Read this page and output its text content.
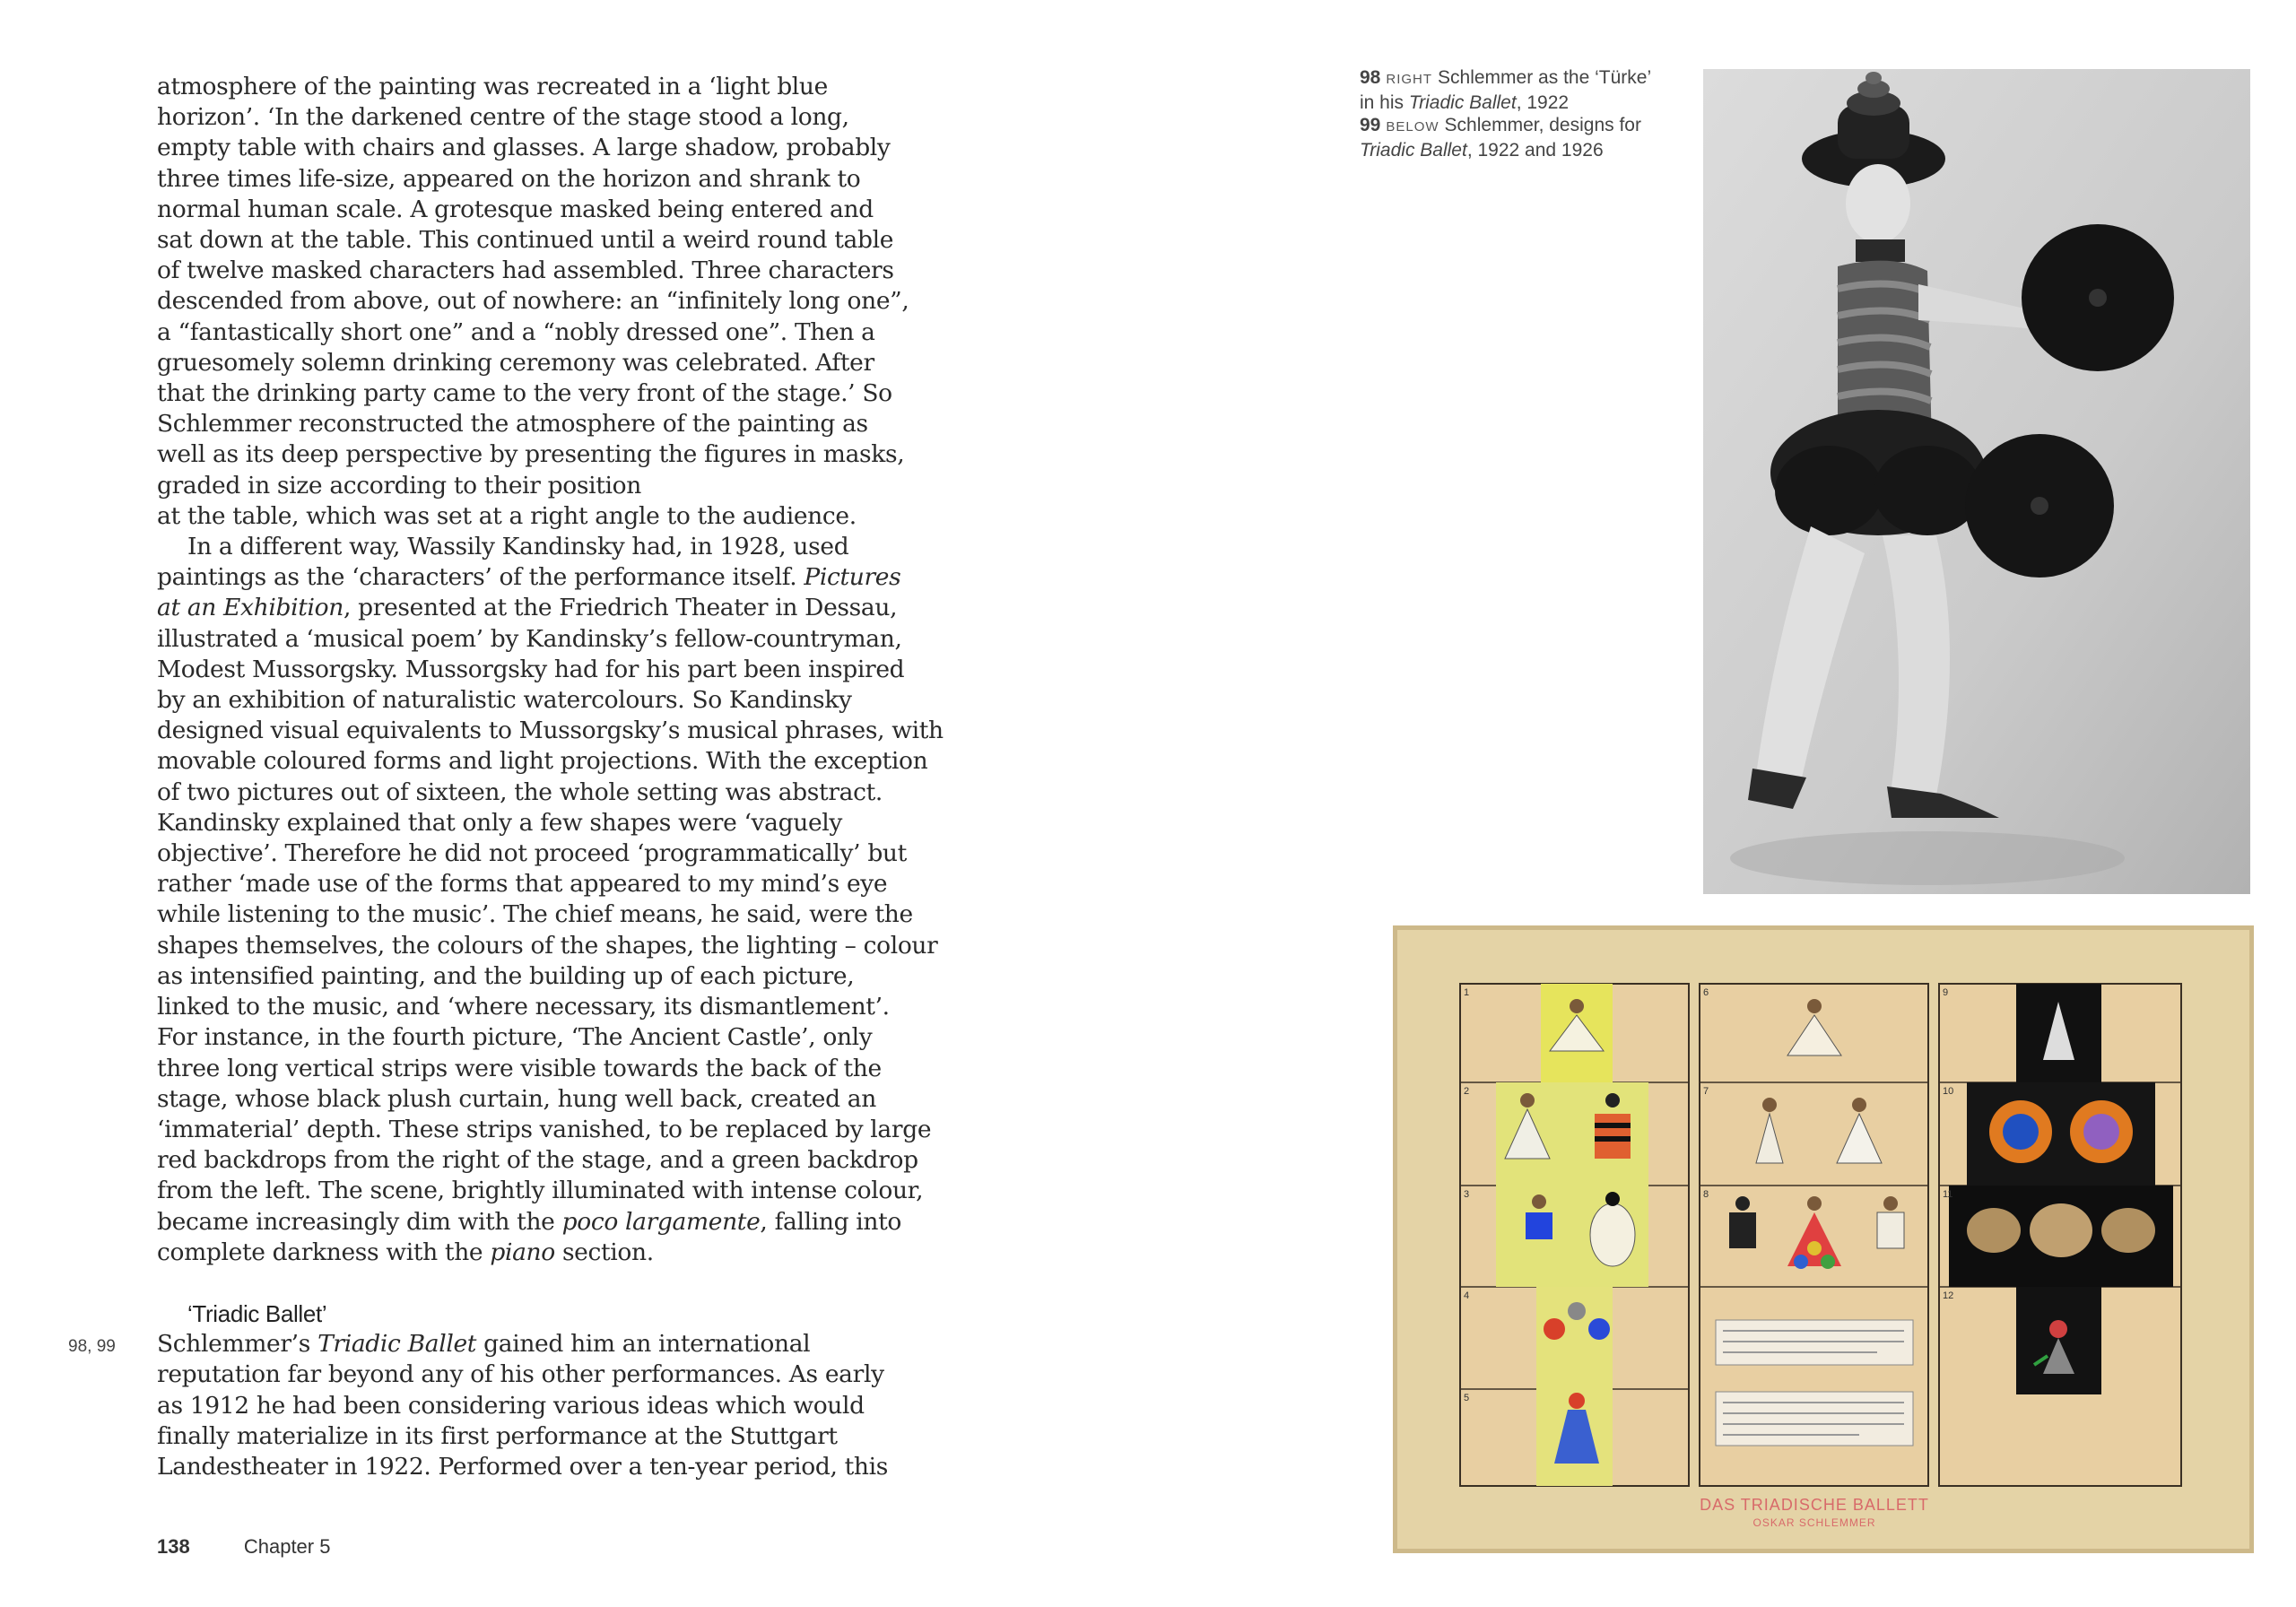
atmosphere of the painting was recreated in a ‘light blue

horizon’. ‘In the darkened centre of the stage stood a long,

empty table with chairs and glasses. A large shadow, probably

three times life-size, appeared on the horizon and shrank to

normal human scale. A grotesque masked being entered and

sat down at the table. This continued until a weird round table

of twelve masked characters had assembled. Three characters

descended from above, out of nowhere: an “infinitely long one”,

a “fantastically short one” and a “nobly dressed one”. Then a

gruesomely solemn drinking ceremony was celebrated. After

that the drinking party came to the very front of the stage.’ So

Schlemmer reconstructed the atmosphere of the painting as

well as its deep perspective by presenting the figures in masks,

graded in size according to their position

at the table, which was set at a right angle to the audience.

In a different way, Wassily Kandinsky had, in 1928, used

paintings as the ‘characters’ of the performance itself. Pictures

at an Exhibition, presented at the Friedrich Theater in Dessau,

illustrated a ‘musical poem’ by Kandinsky’s fellow-countryman,

Modest Mussorgsky. Mussorgsky had for his part been inspired

by an exhibition of naturalistic watercolours. So Kandinsky

designed visual equivalents to Mussorgsky’s musical phrases, with

movable coloured forms and light projections. With the exception

of two pictures out of sixteen, the whole setting was abstract.

Kandinsky explained that only a few shapes were ‘vaguely

objective’. Therefore he did not proceed ‘programmatically’ but

rather ‘made use of the forms that appeared to my mind’s eye

while listening to the music’. The chief means, he said, were the

shapes themselves, the colours of the shapes, the lighting – colour

as intensified painting, and the building up of each picture,

linked to the music, and ‘where necessary, its dismantlement’.

For instance, in the fourth picture, ‘The Ancient Castle’, only

three long vertical strips were visible towards the back of the

stage, whose black plush curtain, hung well back, created an

‘immaterial’ depth. These strips vanished, to be replaced by large

red backdrops from the right of the stage, and a green backdrop

from the left. The scene, brightly illuminated with intense colour,

became increasingly dim with the poco largamente, falling into

complete darkness with the piano section.

‘Triadic Ballet’

Schlemmer’s Triadic Ballet gained him an international

reputation far beyond any of his other performances. As early

as 1912 he had been considering various ideas which would

finally materialize in its first performance at the Stuttgart

Landestheater in 1922. Performed over a ten-year period, this

98, 99
138	Chapter 5
98 RIGHT Schlemmer as the ‘Türke’ in his Triadic Ballet, 1922
99 BELOW Schlemmer, designs for Triadic Ballet, 1922 and 1926
1
2
3
4
5
6
7
8
9
10
11
12
DAS TRIADISCHE BALLETT
OSKAR SCHLEMMER
